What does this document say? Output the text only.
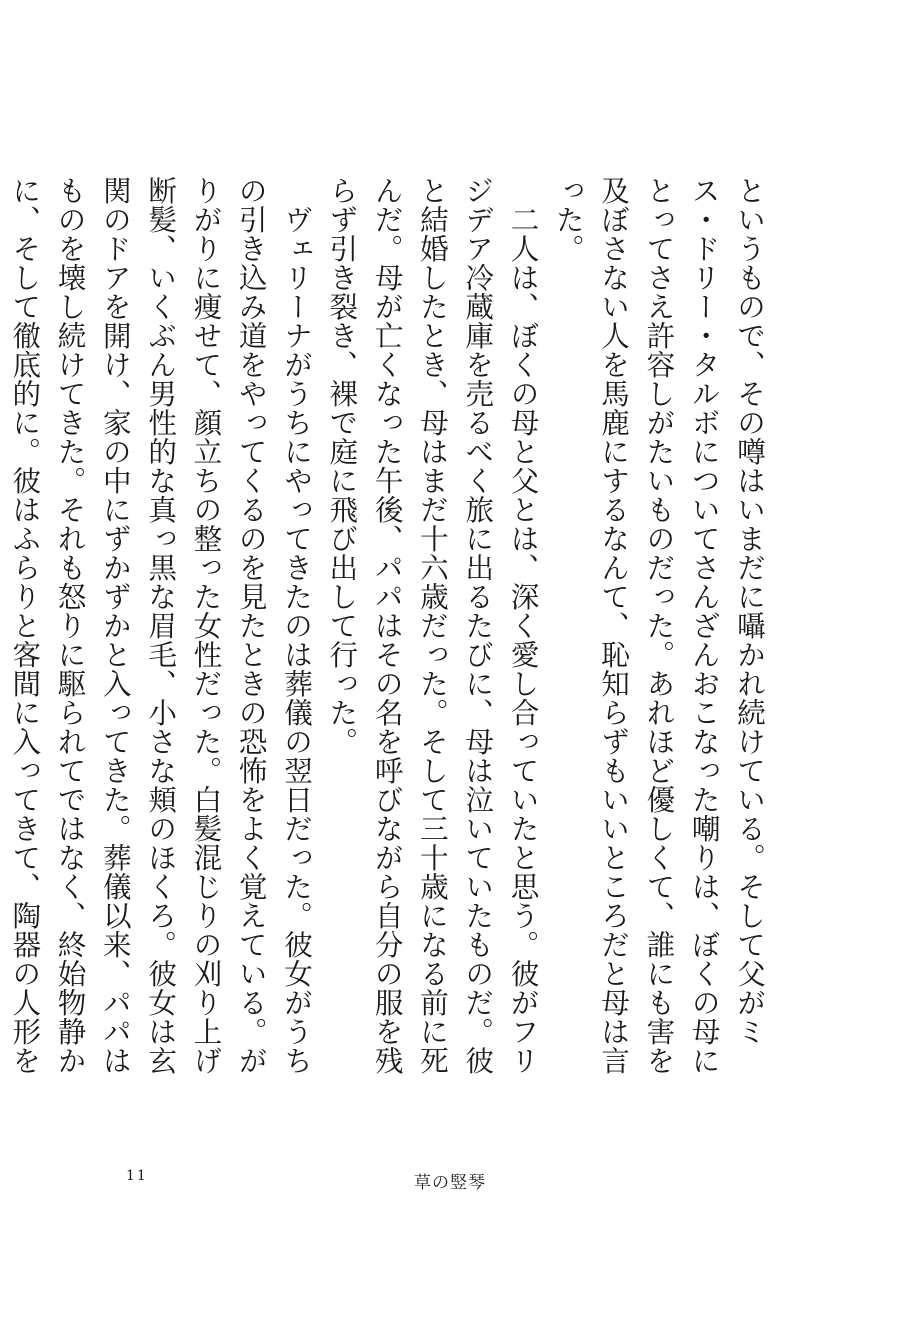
というもので、その噂はいまだに囁かれ続けている。そして父がミス・ドリー・タルボについてさんざんおこなった嘲りは、ぼくの母にとってさえ許容しがたいものだった。あれほど優しくて、誰にも害を及ぼさない人を馬鹿にするなんて、恥知らずもいいところだと母は言った。

二人は、ぼくの母と父とは、深く愛し合っていたと思う。彼がフリジデア冷蔵庫を売るべく旅に出るたびに、母は泣いていたものだ。彼と結婚したとき、母はまだ十六歳だった。そして三十歳になる前に死んだ。母が亡くなった午後、パパはその名を呼びながら自分の服を残らず引き裂き、裸で庭に飛び出して行った。

ヴェリーナがうちにやってきたのは葬儀の翌日だった。彼女がうちの引き込み道をやってくるのを見たときの恐怖をよく覚えている。がりがりに痩せて、顔立ちの整った女性だった。白髪混じりの刈り上げ断髪、いくぶん男性的な真っ黒な眉毛、小さな頬のほくろ。彼女は玄関のドアを開け、家の中にずかずかと入ってきた。葬儀以来、パパはものを壊し続けてきた。それも怒りに駆られてではなく、終始物静かに、そして徹底的に。彼はふらりと客間に入ってきて、陶器の人形を

11	草の竪琴
